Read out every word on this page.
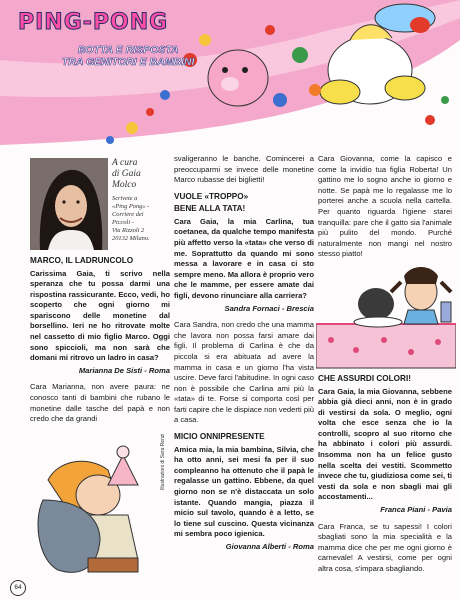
PING-PONG
BOTTA E RISPOSTA
TRA GENITORI E BAMBINI
A cura
di Gaia
Molco
Scrivete a
«Ping Pong» -
Corriere dei
Piccoli -
Via Rizzoli 2
20132 Milano.
MARCO, IL LADRUNCOLO

Carissima Gaia, ti scrivo nella speranza che tu possa darmi una rispostina rassicurante. Ecco, vedi, ho scoperto che ogni giorno mi spariscono delle monetine dal borsellino. Ieri ne ho ritrovate molte nel cassetto di mio figlio Marco. Oggi sono spiccioli, ma non sarà che domani mi ritrovo un ladro in casa?

Marianna De Sisti - Roma

Cara Marianna, non avere paura: ne conosco tanti di bambini che rubano le monetine dalle tasche del papà e non credo che da grandi

Illustrazioni di Sara Renzi

svaligeranno le banche. Comincerei a preoccuparmi se invece delle monetine Marco rubasse dei biglietti!

VUOLE «TROPPO»
BENE ALLA TATA!

Cara Gaia, la mia Carlina, tua coetanea, da qualche tempo manifesta più affetto verso la «tata» che verso di me. Soprattutto da quando mi sono messa a lavorare e in casa ci sto sempre meno. Ma allora è proprio vero che le mamme, per essere amate dai figli, devono rinunciare alla carriera?

Sandra Fornaci - Brescia

Cara Sandra, non credo che una mamma che lavora non possa farsi amare dai figli. Il problema di Carlina è che da piccola si era abituata ad avere la mamma in casa e un giorno l'ha vista uscire. Deve farci l'abitudine. In ogni caso non è possibile che Carlina ami più la «tata» di te. Forse si comporta così per farti capire che le dispiace non vederti più a casa.

MICIO ONNIPRESENTE

Amica mia, la mia bambina, Silvia, che ha otto anni, sei mesi fa per il suo compleanno ha ottenuto che il papà le regalasse un gattino. Ebbene, da quel giorno non se n'è distaccata un solo istante. Quando mangia, piazza il micio sul tavolo, quando è a letto, se lo tiene sul cuscino. Questa vicinanza mi sembra poco igienica.

Giovanna Alberti - Roma

Cara Giovanna, come la capisco e come la invidio tua figlia Roberta! Un gattino me lo sogno anche io giorno e notte. Se papà me lo regalasse me lo porterei anche a scuola nella cartella. Per quanto riguarda l'igiene starei tranquilla: pare che il gatto sia l'animale più pulito del mondo. Purché naturalmente non mangi nel nostro stesso piatto!

CHE ASSURDI COLORI!

Cara Gaia, la mia Giovanna, sebbene abbia già dieci anni, non è in grado di vestirsi da sola. O meglio, ogni volta che esce senza che io la controlli, scopro al suo ritorno che ha abbinato i colori più assurdi. Insomma non ha un felice gusto nella scelta dei vestiti. Scommetto invece che tu, giudiziosa come sei, ti vesti da sola e non sbagli mai gli accostamenti...

Franca Piani - Pavia

Cara Franca, se tu sapessi! I colori sbagliati sono la mia specialità e la mamma dice che per me ogni giorno è carnevale! A vestirsi, come per ogni altra cosa, s'impara sbagliando.

64
